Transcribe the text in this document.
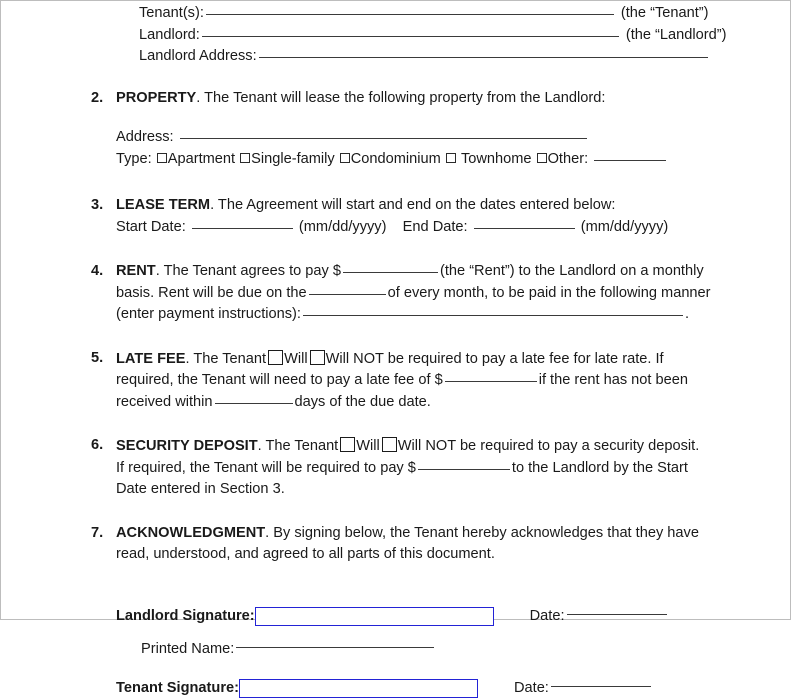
Tenant(s):	(the “Tenant”)
Landlord:	(the “Landlord”)
Landlord Address:
2. PROPERTY. The Tenant will lease the following property from the Landlord:
Address:
Type: Apartment Single-family Condominium Townhome Other:
3. LEASE TERM. The Agreement will start and end on the dates entered below:
Start Date:	(mm/dd/yyyy) End Date:	(mm/dd/yyyy)
4. RENT. The Tenant agrees to pay $	(the “Rent”) to the Landlord on a monthly
basis. Rent will be due on the	of every month, to be paid in the following manner
(enter payment instructions):	.
5. LATE FEE. The Tenant Will Will NOT be required to pay a late fee for late rate. If
required, the Tenant will need to pay a late fee of $	if the rent has not been
received within	days of the due date.
6. SECURITY DEPOSIT. The Tenant Will Will NOT be required to pay a security deposit.
If required, the Tenant will be required to pay $	to the Landlord by the Start
Date entered in Section 3.
7. ACKNOWLEDGMENT. By signing below, the Tenant hereby acknowledges that they have
read, understood, and agreed to all parts of this document.
Landlord Signature:	Date:
Printed Name:
Tenant Signature:	Date:
